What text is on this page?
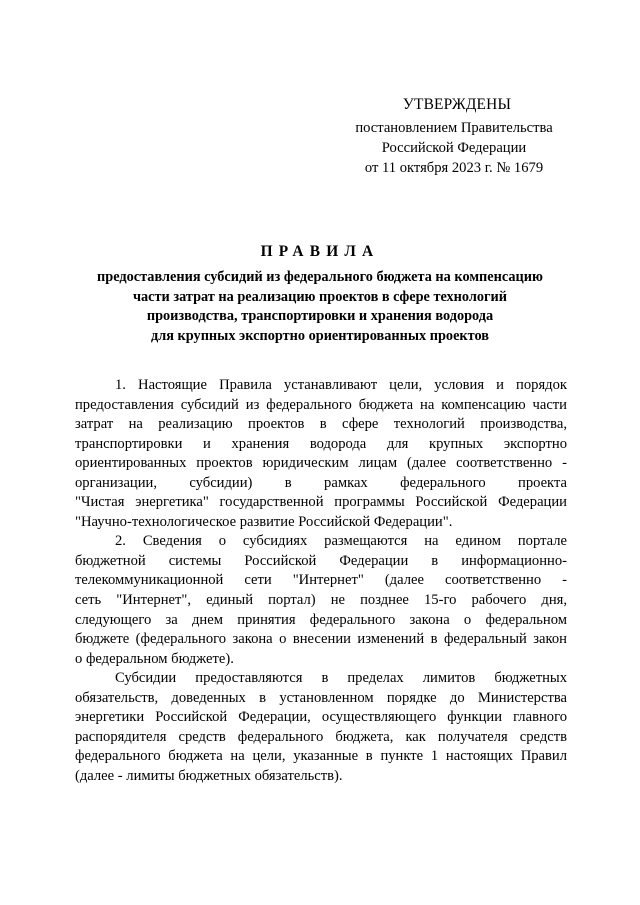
УТВЕРЖДЕНЫ
постановлением Правительства
Российской Федерации
от 11 октября 2023 г. № 1679
ПРАВИЛА
предоставления субсидий из федерального бюджета на компенсацию
части затрат на реализацию проектов в сфере технологий
производства, транспортировки и хранения водорода
для крупных экспортно ориентированных проектов
1. Настоящие Правила устанавливают цели, условия и порядок
предоставления субсидий из федерального бюджета на компенсацию части
затрат на реализацию проектов в сфере технологий производства,
транспортировки и хранения водорода для крупных экспортно
ориентированных проектов юридическим лицам (далее соответственно -
организации, субсидии) в рамках федерального проекта
"Чистая энергетика" государственной программы Российской Федерации
"Научно-технологическое развитие Российской Федерации".
2. Сведения о субсидиях размещаются на едином портале
бюджетной системы Российской Федерации в информационно-
телекоммуникационной сети "Интернет" (далее соответственно -
сеть "Интернет", единый портал) не позднее 15-го рабочего дня,
следующего за днем принятия федерального закона о федеральном
бюджете (федерального закона о внесении изменений в федеральный закон
о федеральном бюджете).
Субсидии предоставляются в пределах лимитов бюджетных
обязательств, доведенных в установленном порядке до Министерства
энергетики Российской Федерации, осуществляющего функции главного
распорядителя средств федерального бюджета, как получателя средств
федерального бюджета на цели, указанные в пункте 1 настоящих Правил
(далее - лимиты бюджетных обязательств).
